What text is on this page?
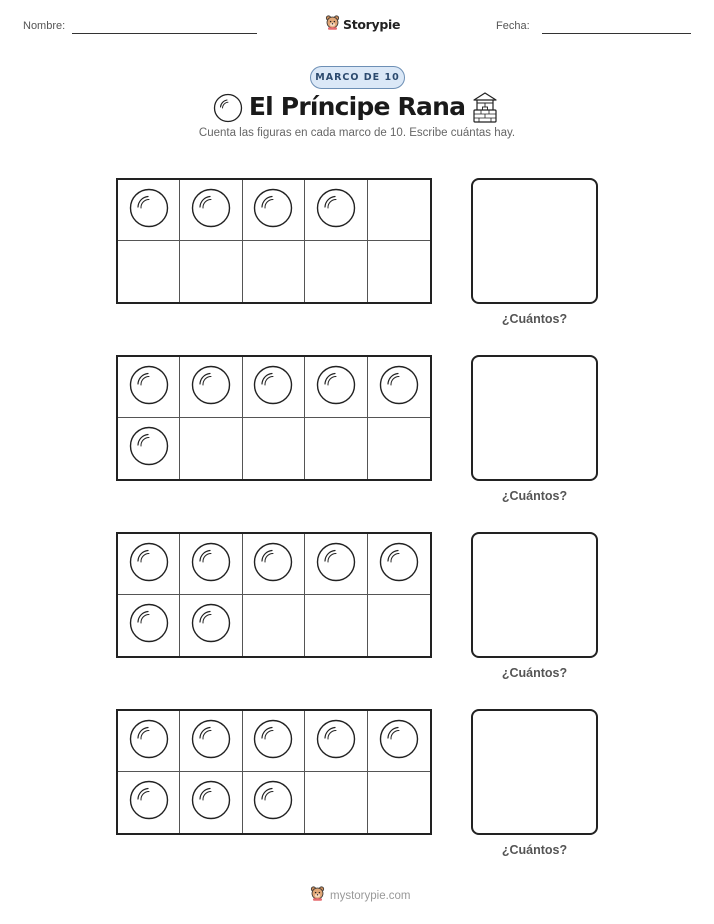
Nombre:	Storypie	Fecha:
MARCO DE 10
El Príncipe Rana
Cuenta las figuras en cada marco de 10. Escribe cuántas hay.
¿Cuántos?
¿Cuántos?
¿Cuántos?
¿Cuántos?
mystorypie.com
